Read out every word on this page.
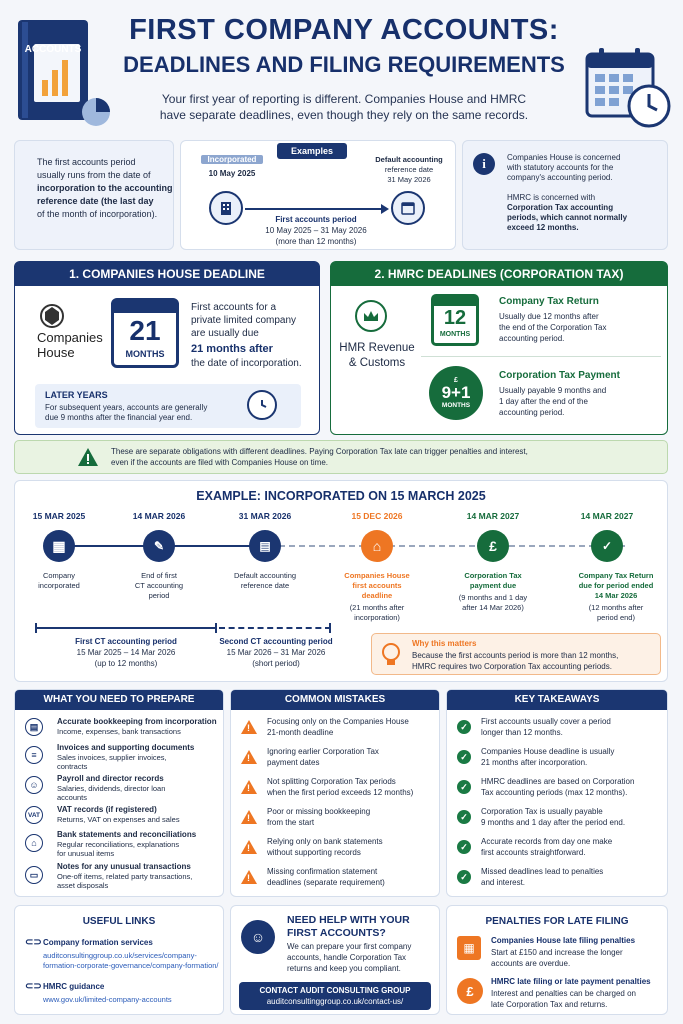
ACCOUNTS
FIRST COMPANY ACCOUNTS:
DEADLINES AND FILING REQUIREMENTS
Your first year of reporting is different. Companies House and HMRC
have separate deadlines, even though they rely on the same records.
The first accounts period
usually runs from the date of
incorporation to the accounting
reference date (the last day
of the month of incorporation).
Examples
Incorporated
10 May 2025
Default accounting
reference date
31 May 2026
First accounts period
10 May 2025 – 31 May 2026
(more than 12 months)
i	Companies House is concerned
with statutory accounts for the
company's accounting period.
HMRC is concerned with
Corporation Tax accounting
periods, which cannot normally
exceed 12 months.
1. COMPANIES HOUSE DEADLINE
Companies
House
21
MONTHS
First accounts for a
private limited company
are usually due
21 months after
the date of incorporation.
LATER YEARS
For subsequent years, accounts are generally
due 9 months after the financial year end.
2. HMRC DEADLINES (CORPORATION TAX)
HMR Revenue
& Customs
12
MONTHS
Company Tax Return
Usually due 12 months after
the end of the Corporation Tax
accounting period.
£
9+1
MONTHS
Corporation Tax Payment
Usually payable 9 months and
1 day after the end of the
accounting period.
These are separate obligations with different deadlines. Paying Corporation Tax late can trigger penalties and interest,
even if the accounts are filed with Companies House on time.
EXAMPLE: INCORPORATED ON 15 MARCH 2025
15 MAR 2025	14 MAR 2026	31 MAR 2026	15 DEC 2026	14 MAR 2027	14 MAR 2027
▦	✎	▤	⌂	£	✓
Company
incorporated
End of first
CT accounting
period
Default accounting
reference date
Companies House
first accounts
deadline
(21 months after
incorporation)
Corporation Tax
payment due
(9 months and 1 day
after 14 Mar 2026)
Company Tax Return
due for period ended
14 Mar 2026
(12 months after
period end)
First CT accounting period
15 Mar 2025 – 14 Mar 2026
(up to 12 months)
Second CT accounting period
15 Mar 2026 – 31 Mar 2026
(short period)
Why this matters
Because the first accounts period is more than 12 months,
HMRC requires two Corporation Tax accounting periods.
WHAT YOU NEED TO PREPARE
▤	Accurate bookkeeping from incorporation
Income, expenses, bank transactions
≡
Invoices and supporting documents
Sales invoices, supplier invoices,
contracts
☺
Payroll and director records
Salaries, dividends, director loan
accounts
VAT
VAT records (if registered)
Returns, VAT on expenses and sales
⌂
Bank statements and reconciliations
Regular reconciliations, explanations
for unusual items
▭
Notes for any unusual transactions
One-off items, related party transactions,
asset disposals
COMMON MISTAKES
!
Focusing only on the Companies House
21-month deadline
!
Ignoring earlier Corporation Tax
payment dates
!
Not splitting Corporation Tax periods
when the first period exceeds 12 months)
!
Poor or missing bookkeeping
from the start
!
Relying only on bank statements
without supporting records
!
Missing confirmation statement
deadlines (separate requirement)
KEY TAKEAWAYS
✓	First accounts usually cover a period
longer than 12 months.
✓	Companies House deadline is usually
21 months after incorporation.
✓	HMRC deadlines are based on Corporation
Tax accounting periods (max 12 months).
✓	Corporation Tax is usually payable
9 months and 1 day after the period end.
✓	Accurate records from day one make
first accounts straightforward.
✓	Missed deadlines lead to penalties
and interest.
USEFUL LINKS
⊂⊃ Company formation services
auditconsultinggroup.co.uk/services/company-
formation-corporate-governance/company-formation/
⊂⊃ HMRC guidance
www.gov.uk/limited-company-accounts
☺
NEED HELP WITH YOUR
FIRST ACCOUNTS?
We can prepare your first company
accounts, handle Corporation Tax
returns and keep you compliant.
CONTACT AUDIT CONSULTING GROUP
auditconsultinggroup.co.uk/contact-us/
PENALTIES FOR LATE FILING
▦
Companies House late filing penalties
Start at £150 and increase the longer
accounts are overdue.
£
HMRC late filing or late payment penalties
Interest and penalties can be charged on
late Corporation Tax and returns.
